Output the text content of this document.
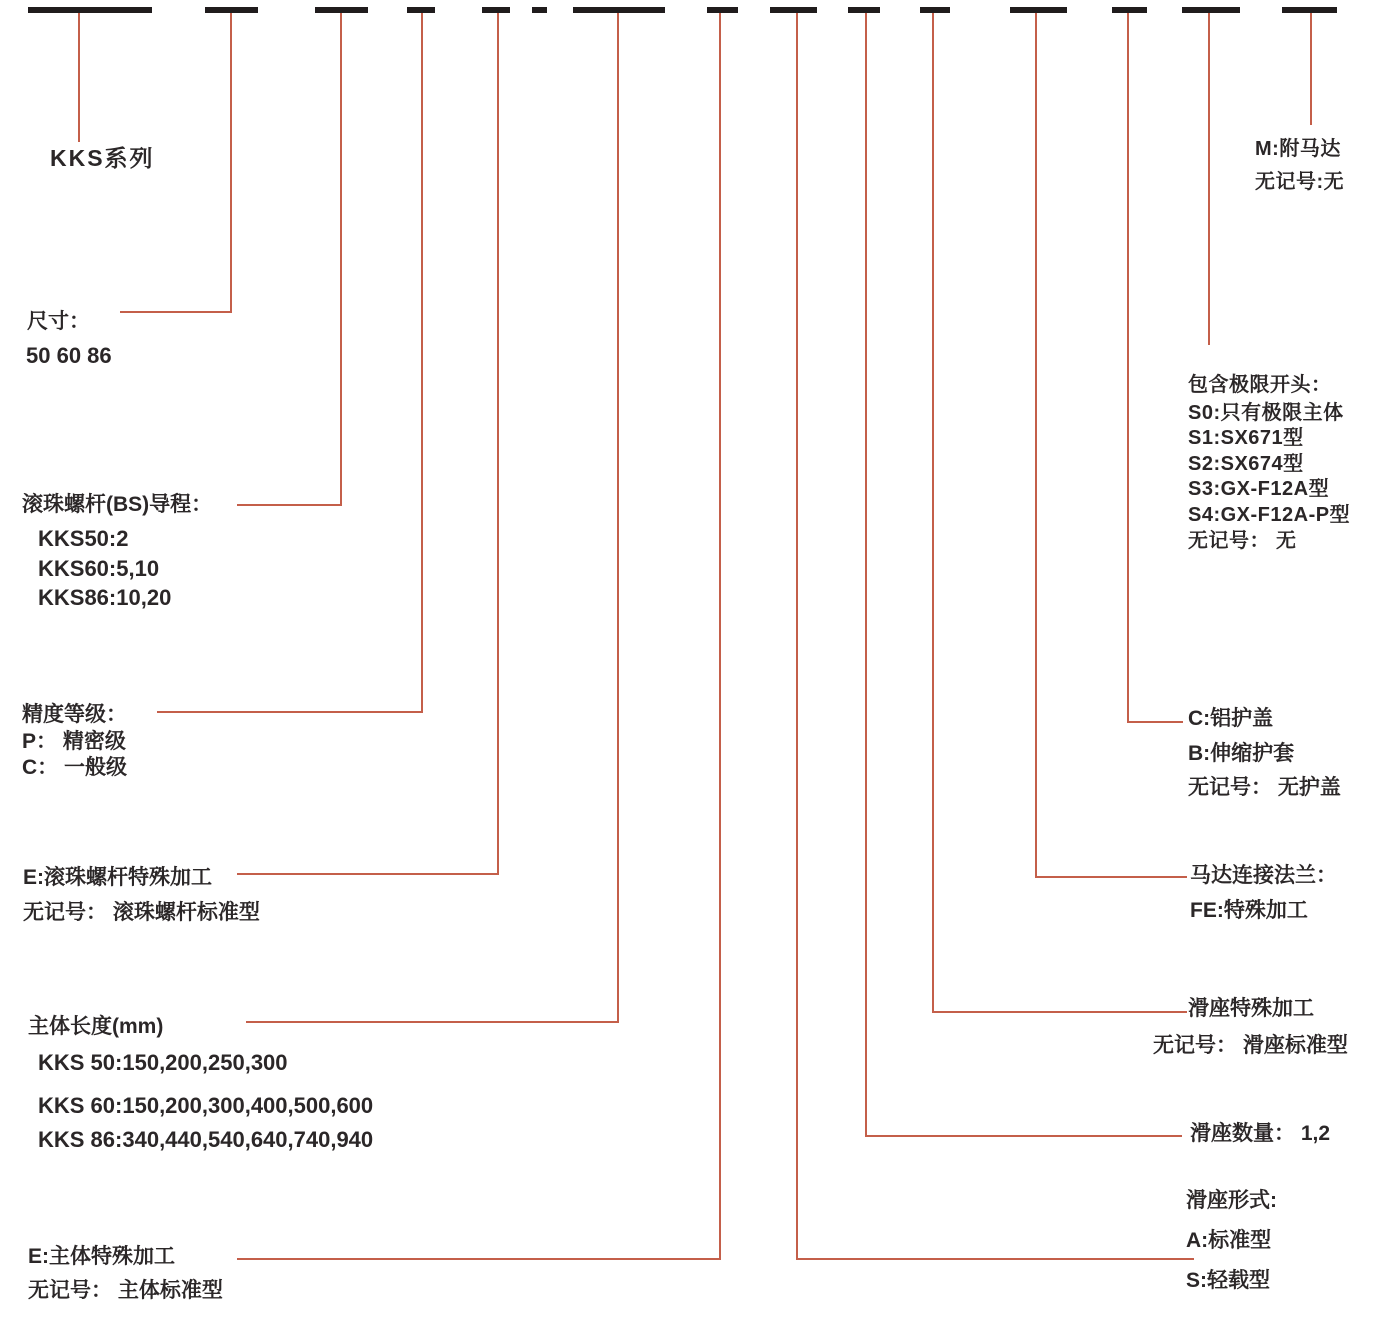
KKS系列
尺寸：
50 60 86
滚珠螺杆(BS)导程：
KKS50:2
KKS60:5,10
KKS86:10,20
精度等级：
P： 精密级
C： 一般级
E:滚珠螺杆特殊加工
无记号： 滚珠螺杆标准型
主体长度(mm)
KKS 50:150,200,250,300
KKS 60:150,200,300,400,500,600
KKS 86:340,440,540,640,740,940
E:主体特殊加工
无记号： 主体标准型
M:附马达
无记号:无
包含极限开头：
S0:只有极限主体
S1:SX671型
S2:SX674型
S3:GX-F12A型
S4:GX-F12A-P型
无记号： 无
C:铝护盖
B:伸缩护套
无记号： 无护盖
马达连接法兰：
FE:特殊加工
滑座特殊加工
无记号： 滑座标准型
滑座数量： 1,2
滑座形式:
A:标准型
S:轻载型
